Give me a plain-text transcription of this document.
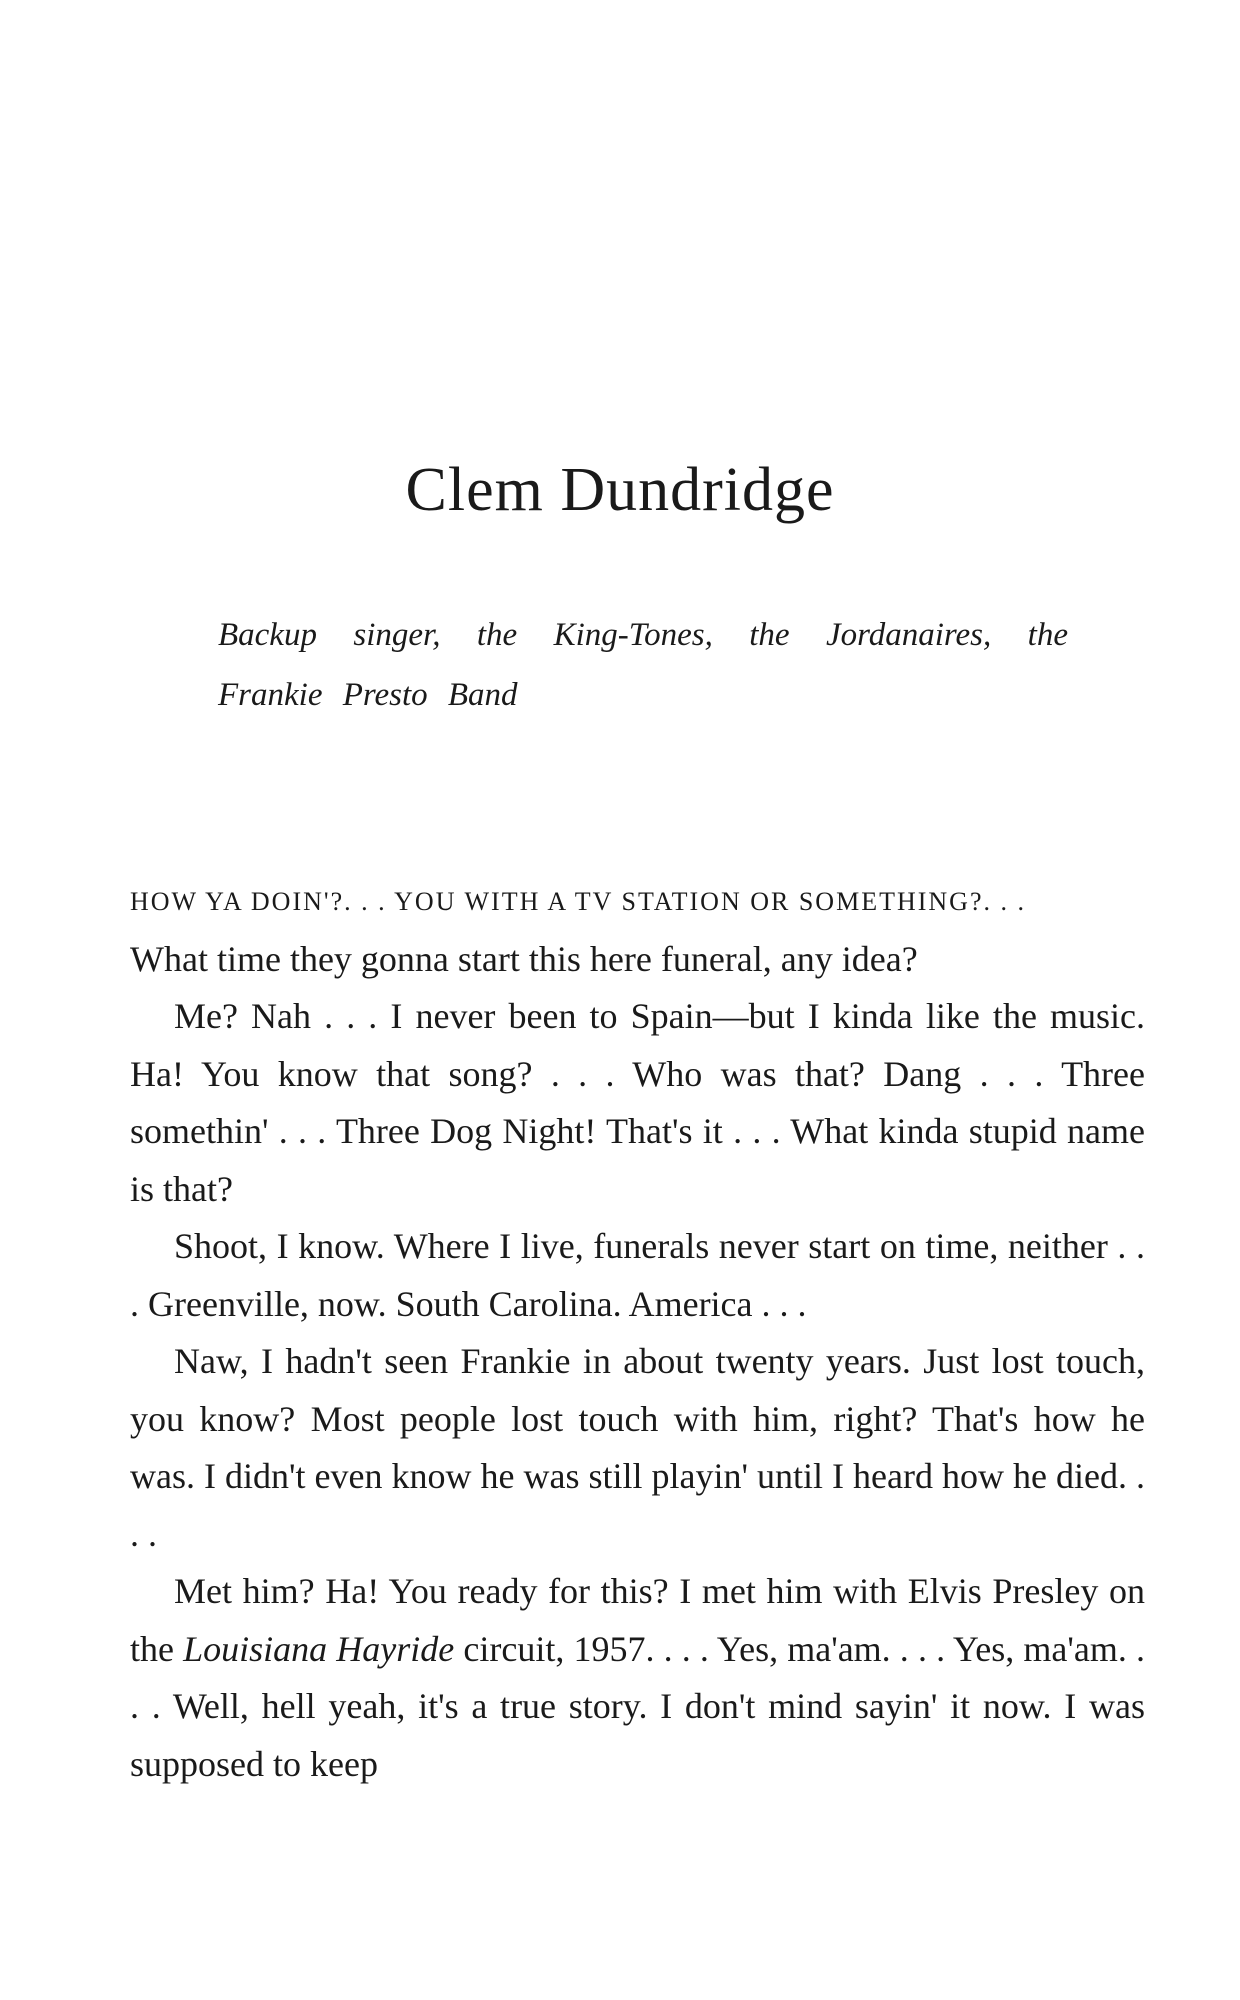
Clem Dundridge
Backup singer, the King-Tones, the Jordanaires, the Frankie Presto Band

HOW YA DOIN'?. . . YOU WITH A TV STATION OR SOMETHING?. . .
What time they gonna start this here funeral, any idea?

Me? Nah . . . I never been to Spain—but I kinda like the music. Ha! You know that song? . . . Who was that? Dang . . . Three somethin' . . . Three Dog Night! That's it . . . What kinda stupid name is that?

Shoot, I know. Where I live, funerals never start on time, neither . . . Greenville, now. South Carolina. America . . .

Naw, I hadn't seen Frankie in about twenty years. Just lost touch, you know? Most people lost touch with him, right? That's how he was. I didn't even know he was still playin' until I heard how he died. . . .

Met him? Ha! You ready for this? I met him with Elvis Presley on the Louisiana Hayride circuit, 1957. . . . Yes, ma'am. . . . Yes, ma'am. . . . Well, hell yeah, it's a true story. I don't mind sayin' it now. I was supposed to keep
